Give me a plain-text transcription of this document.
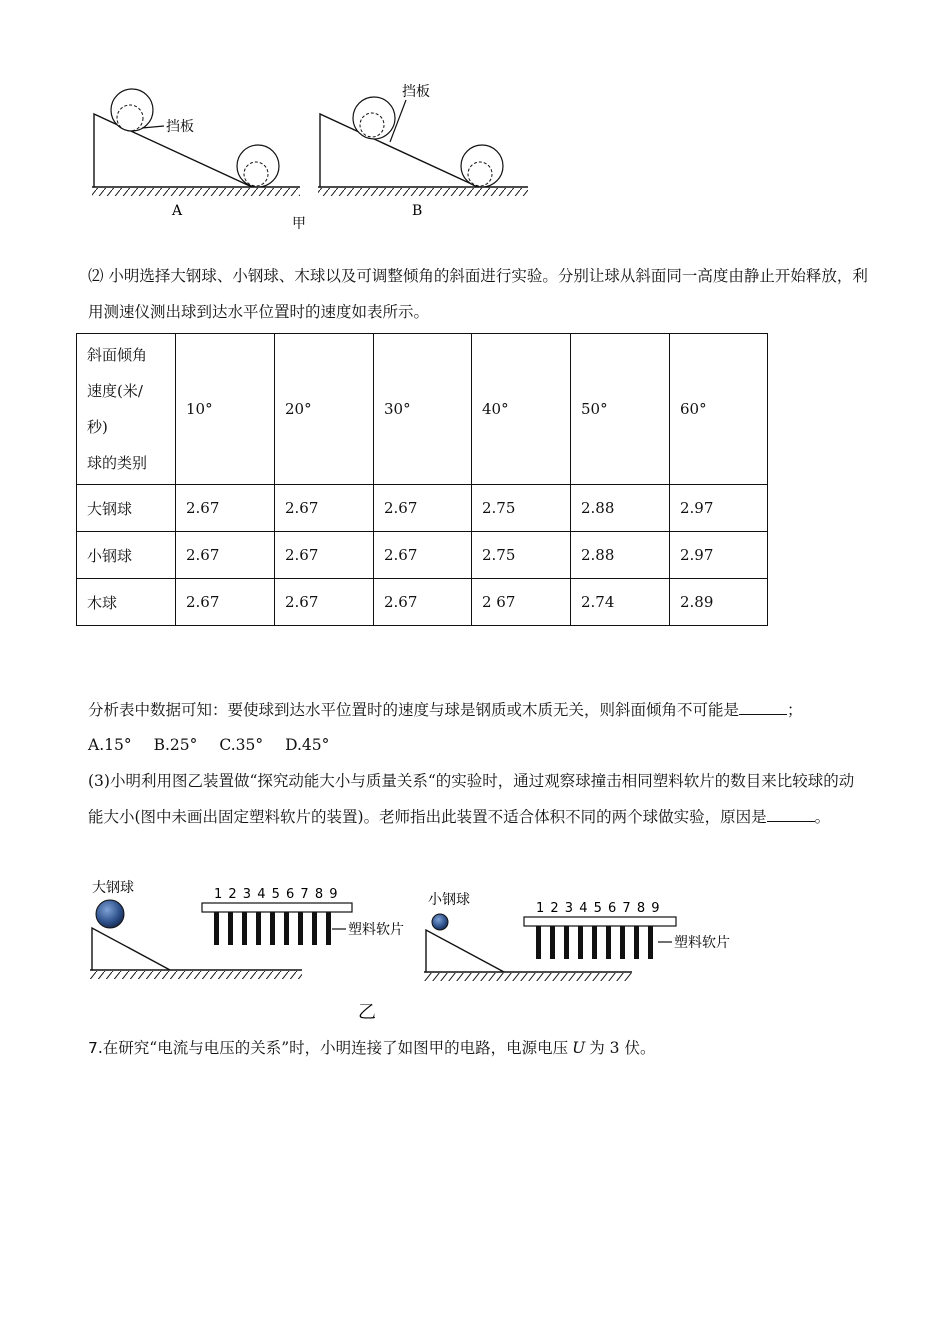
挡板
A
甲
挡板
B

⑵ 小明选择大钢球、小钢球、木球以及可调整倾角的斜面进行实验。分别让球从斜面同一高度由静止开始释放，利用测速仪测出球到达水平位置时的速度如表所示。

斜面倾角
速度(米/
秒)
球的类别	10°	20°	30°	40°	50°	60°
大钢球	2.67	2.67	2.67	2.75	2.88	2.97
小钢球	2.67	2.67	2.67	2.75	2.88	2.97
木球	2.67	2.67	2.67	2 67	2.74	2.89

分析表中数据可知：要使球到达水平位置时的速度与球是钢质或木质无关，则斜面倾角不可能是	；

A.15° B.25° C.35° D.45°

(3)小明利用图乙装置做“探究动能大小与质量关系“的实验时，通过观察球撞击相同塑料软片的数目来比较球的动能大小(图中未画出固定塑料软片的装置)。老师指出此装置不适合体积不同的两个球做实验，原因是	。

大钢球	1 2 3 4 5 6 7 8 9
塑料软片
小钢球
1 2 3 4 5 6 7 8 9
塑料软片
乙

7.在研究“电流与电压的关系”时，小明连接了如图甲的电路，电源电压 U 为 3 伏。
